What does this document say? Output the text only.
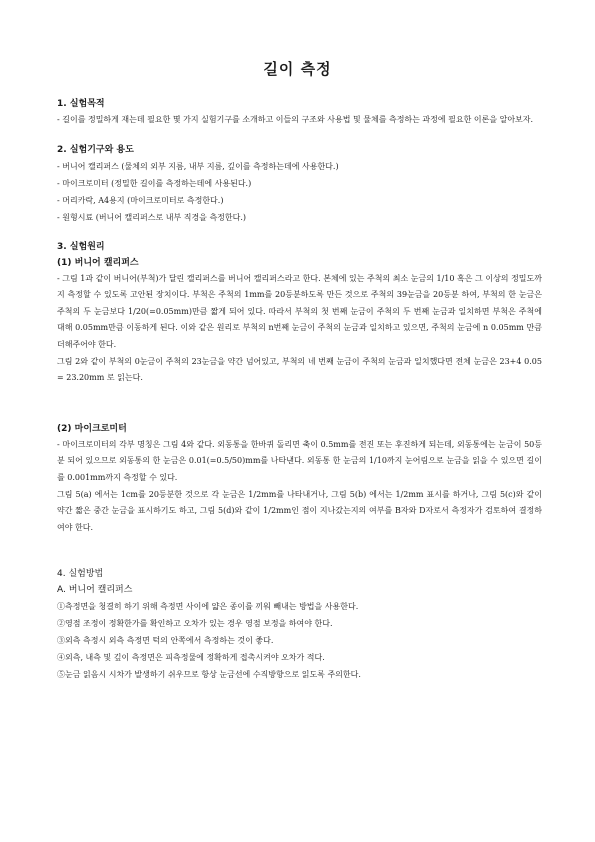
길이 측정
1. 실험목적

- 길이를 정밀하게 재는데 필요한 몇 가지 실험기구를 소개하고 이들의 구조와 사용법 및 물체를 측정하는 과정에 필요한 이론을 알아보자.

2. 실험기구와 용도
- 버니어 캘리퍼스 (물체의 외부 지름, 내부 지름, 깊이를 측정하는데에 사용한다.)
- 마이크로미터 (정밀한 길이를 측정하는데에 사용된다.)
- 머리카락, A4용지 (마이크로미터로 측정한다.)
- 원형시료 (버니어 캘리퍼스로 내부 직경을 측정한다.)
3. 실험원리
(1) 버니어 캘리퍼스

- 그림 1과 같이 버니어(부척)가 달린 캘리퍼스를 버니어 캘리퍼스라고 한다. 본체에 있는 주척의 최소 눈금의 1/10 혹은 그 이상의 정밀도까지 측정할 수 있도록 고안된 장치이다. 부척은 주척의 1mm를 20등분하도록 만든 것으로 주척의 39눈금을 20등분 하여, 부척의 한 눈금은 주척의 두 눈금보다 1/20(=0.05mm)만큼 짧게 되어 있다. 따라서 부척의 첫 번째 눈금이 주척의 두 번째 눈금과 일치하면 부척은 주척에 대해 0.05mm만큼 이동하게 된다. 이와 같은 원리로 부척의 n번째 눈금이 주척의 눈금과 일치하고 있으면, 주척의 눈금에 n 0.05mm 만큼 더해주어야 한다.

그림 2와 같이 부척의 0눈금이 주척의 23눈금을 약간 넘어있고, 부척의 네 번째 눈금이 주척의 눈금과 일치했다면 전체 눈금은 23+4 0.05 = 23.20mm 로 읽는다.

(2) 마이크로미터

- 마이크로미터의 각부 명칭은 그림 4와 같다. 외동통을 한바퀴 돌리면 축이 0.5mm를 전진 또는 후진하게 되는데, 외동통에는 눈금이 50등분 되어 있으므로 외동통의 한 눈금은 0.01(=0.5/50)mm를 나타낸다. 외동통 한 눈금의 1/10까지 눈어림으로 눈금을 읽을 수 있으면 길이를 0.001mm까지 측정할 수 있다.

그림 5(a) 에서는 1cm를 20등분한 것으로 각 눈금은 1/2mm를 나타내거나, 그림 5(b) 에서는 1/2mm 표시를 하거나, 그림 5(c)와 같이 약간 짧은 중간 눈금을 표시하기도 하고, 그림 5(d)와 같이 1/2mm인 점이 지나갔는지의 여부를 B자와 D자로서 측정자가 검토하여 결정하여야 한다.

4. 실험방법
A. 버니어 캘리퍼스
①측정면을 청결히 하기 위해 측정면 사이에 얇은 종이를 끼워 빼내는 방법을 사용한다.
②영점 조정이 정확한가를 확인하고 오차가 있는 경우 영점 보정을 하여야 한다.
③외측 측정시 외측 측정면 턱의 안쪽에서 측정하는 것이 좋다.
④외측, 내측 및 깊이 측정면은 피측정물에 정확하게 접촉시켜야 오차가 적다.
⑤눈금 읽음시 시차가 발생하기 쉬우므로 항상 눈금선에 수직방향으로 읽도록 주의한다.
